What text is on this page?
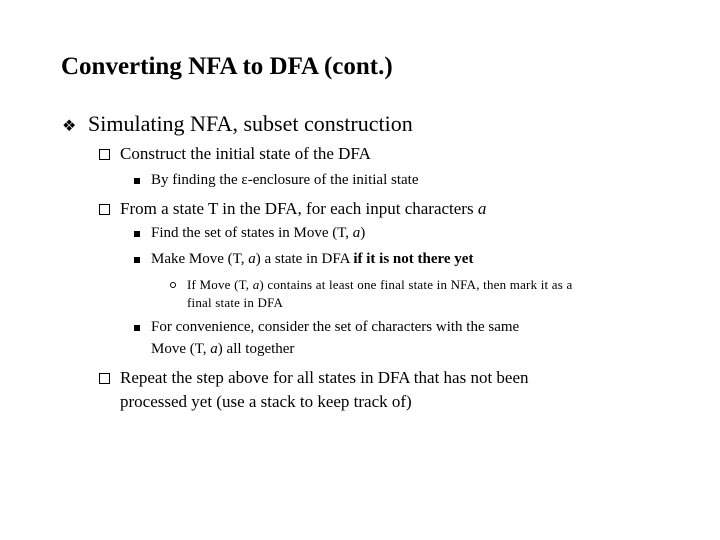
Converting NFA to DFA (cont.)
❖ Simulating NFA, subset construction
Construct the initial state of the DFA
By finding the ε-enclosure of the initial state
From a state T in the DFA, for each input characters a
Find the set of states in Move (T, a)
Make Move (T, a) a state in DFA if it is not there yet
If Move (T, a) contains at least one final state in NFA, then mark it as a
final state in DFA
For convenience, consider the set of characters with the same
Move (T, a) all together
Repeat the step above for all states in DFA that has not been
processed yet (use a stack to keep track of)
